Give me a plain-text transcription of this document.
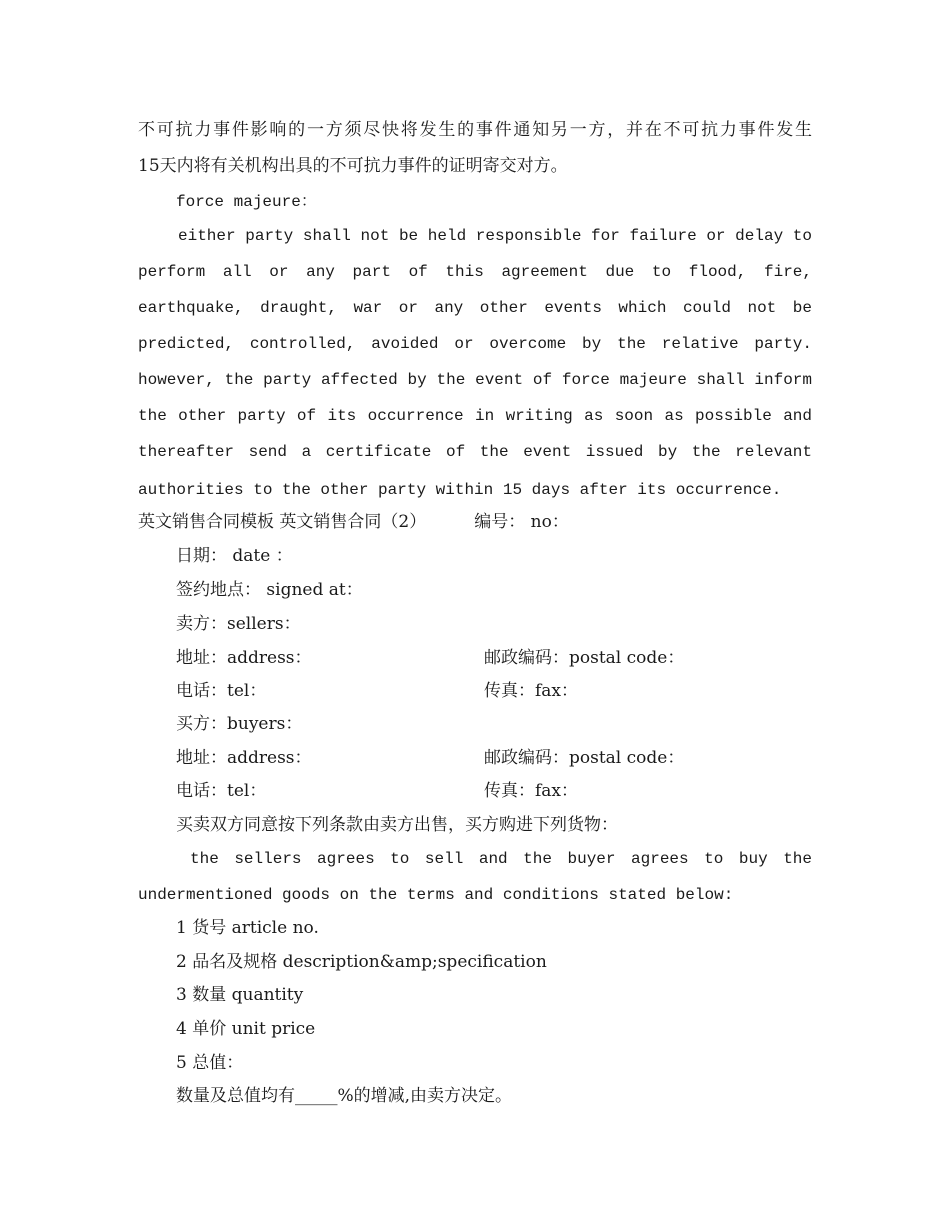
不可抗力事件影响的一方须尽快将发生的事件通知另一方，并在不可抗力事件发生
15天内将有关机构出具的不可抗力事件的证明寄交对方。
force majeure：
either party shall not be held responsible for failure or delay to
perform all or any part of this agreement due to flood, fire,
earthquake, draught, war or any other events which could not be
predicted, controlled, avoided or overcome by the relative party.
however, the party affected by the event of force majeure shall inform
the other party of its occurrence in writing as soon as possible and
thereafter send a certificate of the event issued by the relevant
authorities to the other party within 15 days after its occurrence.
英文销售合同模板 英文销售合同（2）	编号： no：
日期： date ：
签约地点： signed at：
卖方：sellers：
地址：address：	邮政编码：postal code：
电话：tel：	传真：fax：
买方：buyers：
地址：address：	邮政编码：postal code：
电话：tel：	传真：fax：
买卖双方同意按下列条款由卖方出售，买方购进下列货物：
the sellers agrees to sell and the buyer agrees to buy the
undermentioned goods on the terms and conditions stated below:
1 货号 article no.
2 品名及规格 description&amp;specification
3 数量 quantity
4 单价 unit price
5 总值：
数量及总值均有_____%的增减,由卖方决定。
